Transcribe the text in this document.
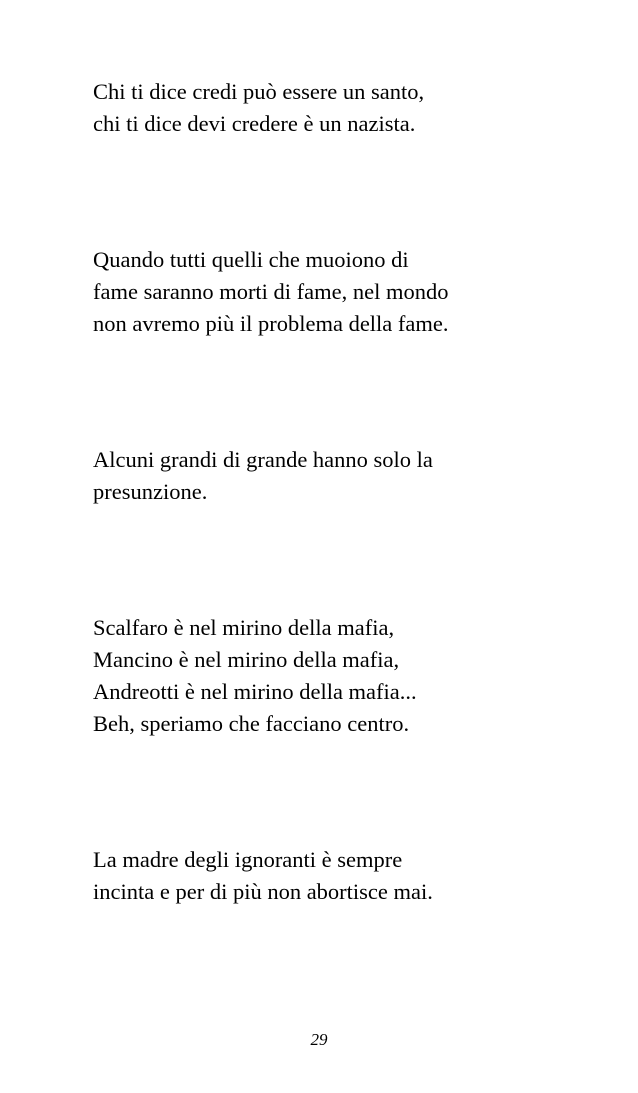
Chi ti dice credi può essere un santo,
chi ti dice devi credere è un nazista.

Quando tutti quelli che muoiono di
fame saranno morti di fame, nel mondo
non avremo più il problema della fame.

Alcuni grandi di grande hanno solo la
presunzione.

Scalfaro è nel mirino della mafia,
Mancino è nel mirino della mafia,
Andreotti è nel mirino della mafia...
Beh, speriamo che facciano centro.

La madre degli ignoranti è sempre
incinta e per di più non abortisce mai.

29
